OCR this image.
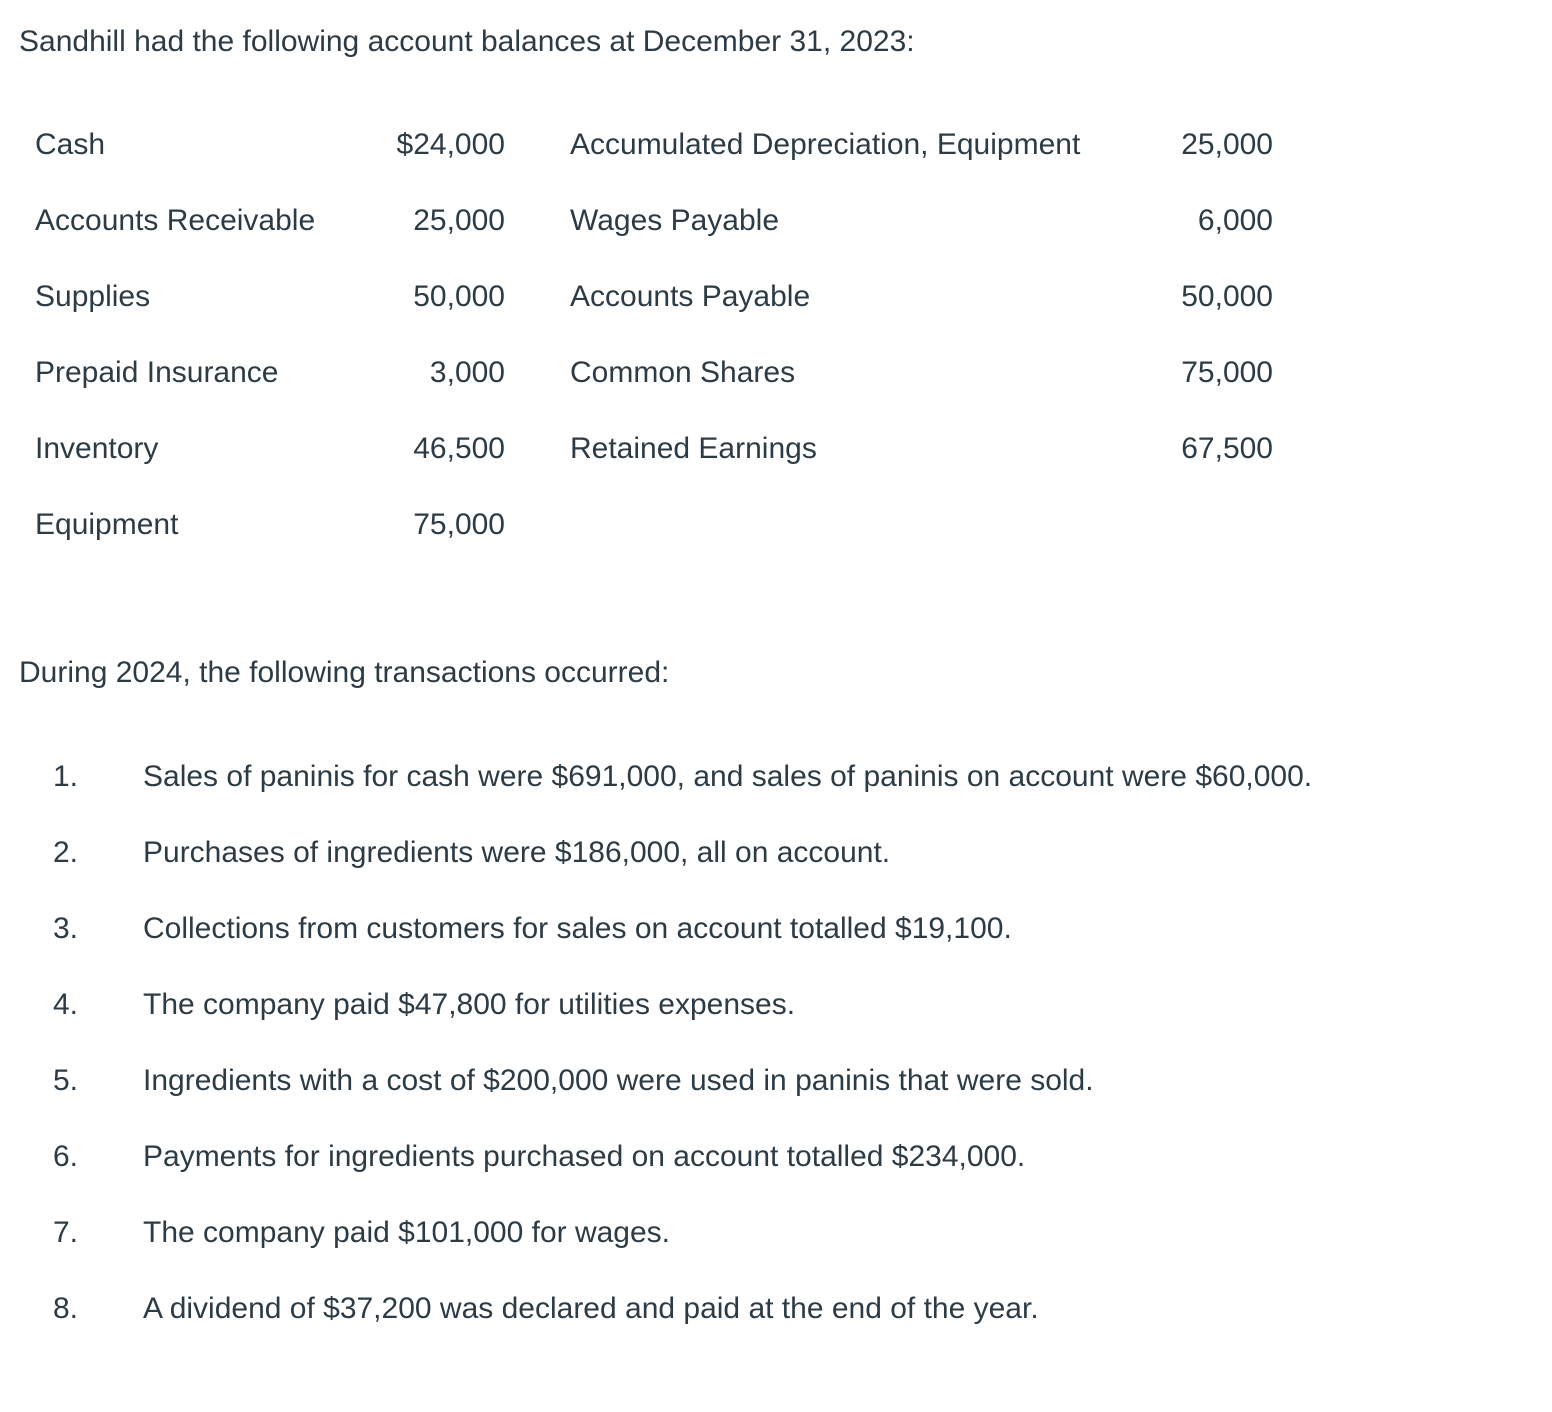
Sandhill had the following account balances at December 31, 2023:

Cash	$24,000 Accumulated Depreciation, Equipment	25,000
Accounts Receivable	25,000 Wages Payable	6,000
Supplies	50,000 Accounts Payable	50,000
Prepaid Insurance	3,000 Common Shares	75,000
Inventory	46,500 Retained Earnings	67,500
Equipment	75,000

During 2024, the following transactions occurred:

1. Sales of paninis for cash were $691,000, and sales of paninis on account were $60,000.
2. Purchases of ingredients were $186,000, all on account.
3. Collections from customers for sales on account totalled $19,100.
4. The company paid $47,800 for utilities expenses.
5. Ingredients with a cost of $200,000 were used in paninis that were sold.
6. Payments for ingredients purchased on account totalled $234,000.
7. The company paid $101,000 for wages.
8. A dividend of $37,200 was declared and paid at the end of the year.
